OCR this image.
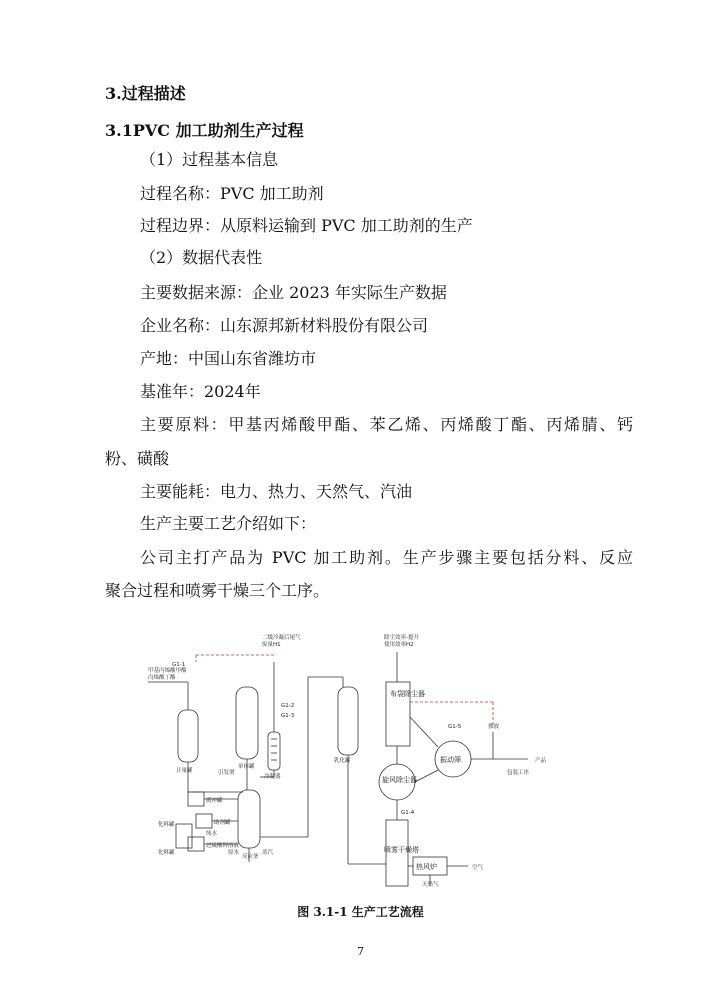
3.过程描述
3.1PVC 加工助剂生产过程
（1）过程基本信息
过程名称：PVC 加工助剂
过程边界：从原料运输到 PVC 加工助剂的生产
（2）数据代表性
主要数据来源：企业 2023 年实际生产数据
企业名称：山东源邦新材料股份有限公司
产地：中国山东省潍坊市
基准年：2024年
主要原料：甲基丙烯酸甲酯、苯乙烯、丙烯酸丁酯、丙烯腈、钙
粉、磺酸
主要能耗：电力、热力、天然气、汽油
生产主要工艺介绍如下：
公司主打产品为 PVC 加工助剂。生产步骤主要包括分料、反应
聚合过程和喷雾干燥三个工序。
甲基丙烯酸甲酯
丙烯酸丁酯
二级冷凝后尾气
废量H1
除尘效率-提升
使用效率H2
G1-1
G1-2
G1-3
G1-4
G1-5
计量罐
单体罐
冷凝器
乳化罐
引发剂
缓冲罐
助剂罐
纯水
反应釜
化料罐
化料罐
过硫酸钾溶液
原水	蒸汽
包装工序
产品
空气
天然气
排放
布袋除尘器
旋风除尘器
振动筛
喷雾干燥塔
热风炉
图 3.1-1 生产工艺流程
7
